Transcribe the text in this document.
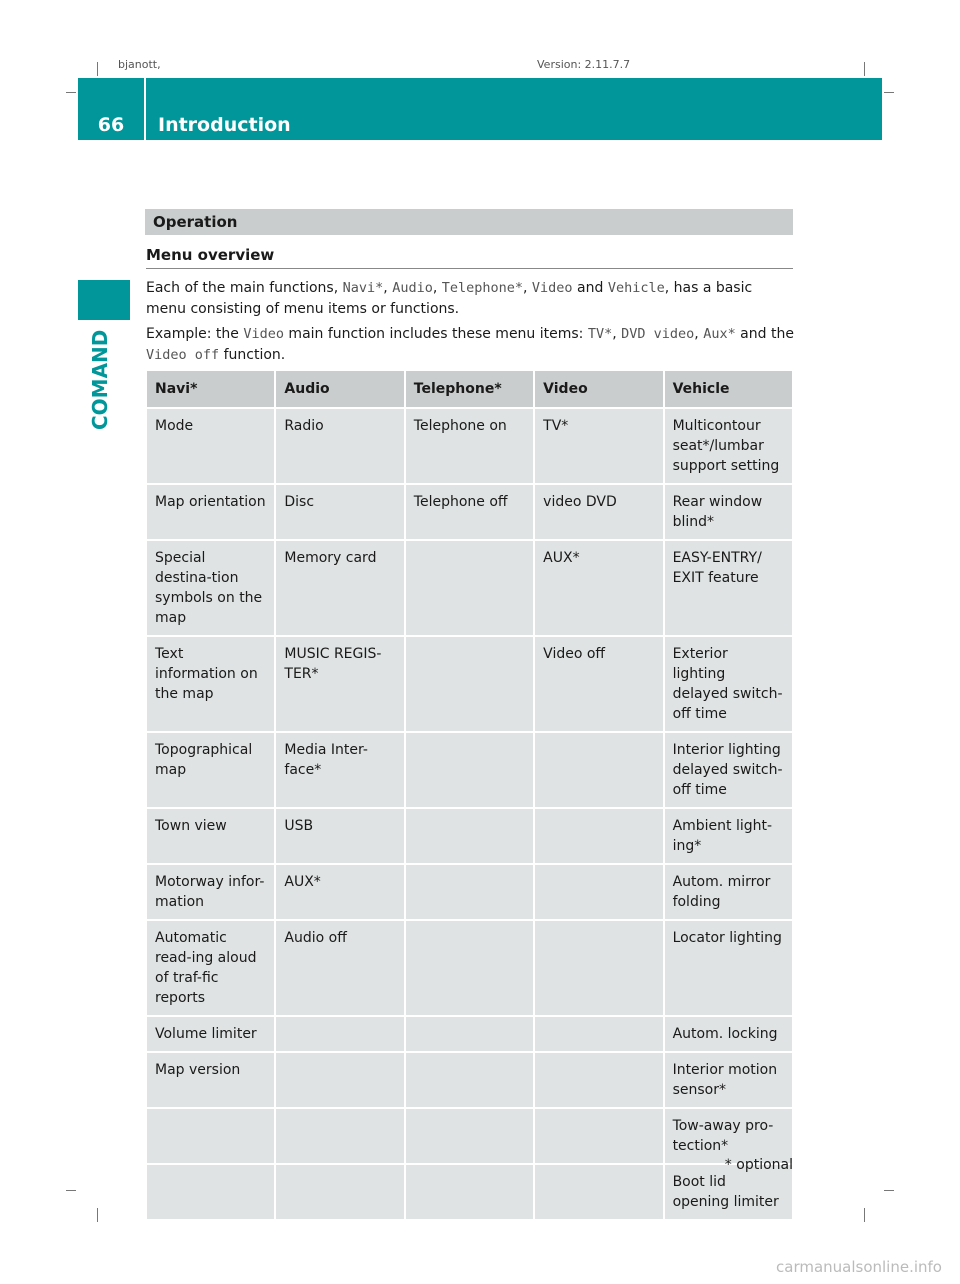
bjanott,	Version: 2.11.7.7
66	Introduction
COMAND
Operation
Menu overview
Each of the main functions, Navi*, Audio, Telephone*, Video and Vehicle, has a basic menu consisting of menu items or functions.
Example: the Video main function includes these menu items: TV*, DVD video, Aux* and the Video off function.
Navi*	Audio	Telephone*	Video	Vehicle
Mode	Radio	Telephone on	TV*	Multicontour seat*/lumbar support setting
Map orientation	Disc	Telephone off	video DVD	Rear window blind*
Special destina-tion symbols on the map	Memory card		AUX*	EASY-ENTRY/ EXIT feature
Text information on the map	MUSIC REGIS-TER*		Video off	Exterior lighting delayed switch-off time
Topographical map	Media Inter-face*			Interior lighting delayed switch-off time
Town view	USB			Ambient light-ing*
Motorway infor-mation	AUX*			Autom. mirror folding
Automatic read-ing aloud of traf-fic reports	Audio off			Locator lighting
Volume limiter				Autom. locking
Map version				Interior motion sensor*
				Tow-away pro-tection*
				Boot lid opening limiter
* optional
carmanualsonline.info
